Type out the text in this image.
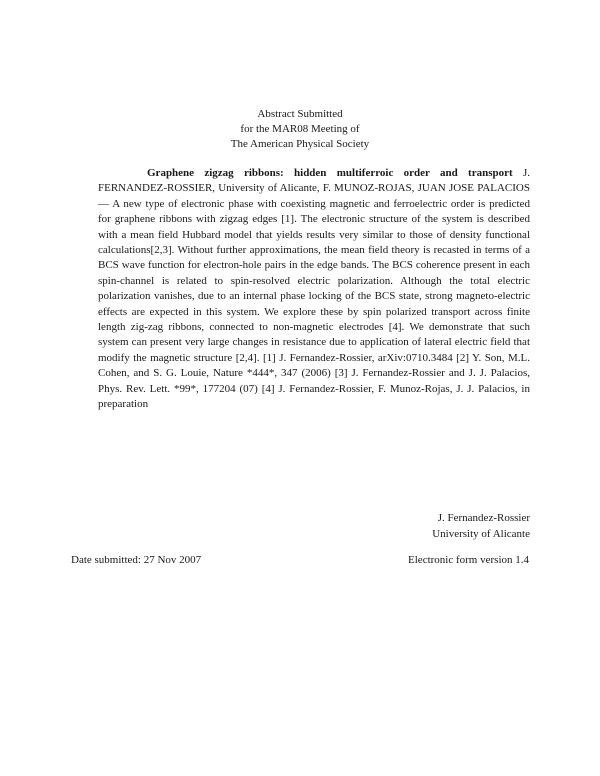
Abstract Submitted
for the MAR08 Meeting of
The American Physical Society

Graphene zigzag ribbons: hidden multiferroic order and transport J. FERNANDEZ-ROSSIER, University of Alicante, F. MUNOZ-ROJAS, JUAN JOSE PALACIOS — A new type of electronic phase with coexisting magnetic and ferroelectric order is predicted for graphene ribbons with zigzag edges [1]. The electronic structure of the system is described with a mean field Hubbard model that yields results very similar to those of density functional calculations[2,3]. Without further approximations, the mean field theory is recasted in terms of a BCS wave function for electron-hole pairs in the edge bands. The BCS coherence present in each spin-channel is related to spin-resolved electric polarization. Although the total electric polarization vanishes, due to an internal phase locking of the BCS state, strong magneto-electric effects are expected in this system. We explore these by spin polarized transport across finite length zig-zag ribbons, connected to non-magnetic electrodes [4]. We demonstrate that such system can present very large changes in resistance due to application of lateral electric field that modify the magnetic structure [2,4]. [1] J. Fernandez-Rossier, arXiv:0710.3484 [2] Y. Son, M.L. Cohen, and S. G. Louie, Nature *444*, 347 (2006) [3] J. Fernandez-Rossier and J. J. Palacios, Phys. Rev. Lett. *99*, 177204 (07) [4] J. Fernandez-Rossier, F. Munoz-Rojas, J. J. Palacios, in preparation

J. Fernandez-Rossier
University of Alicante
Date submitted: 27 Nov 2007	Electronic form version 1.4
